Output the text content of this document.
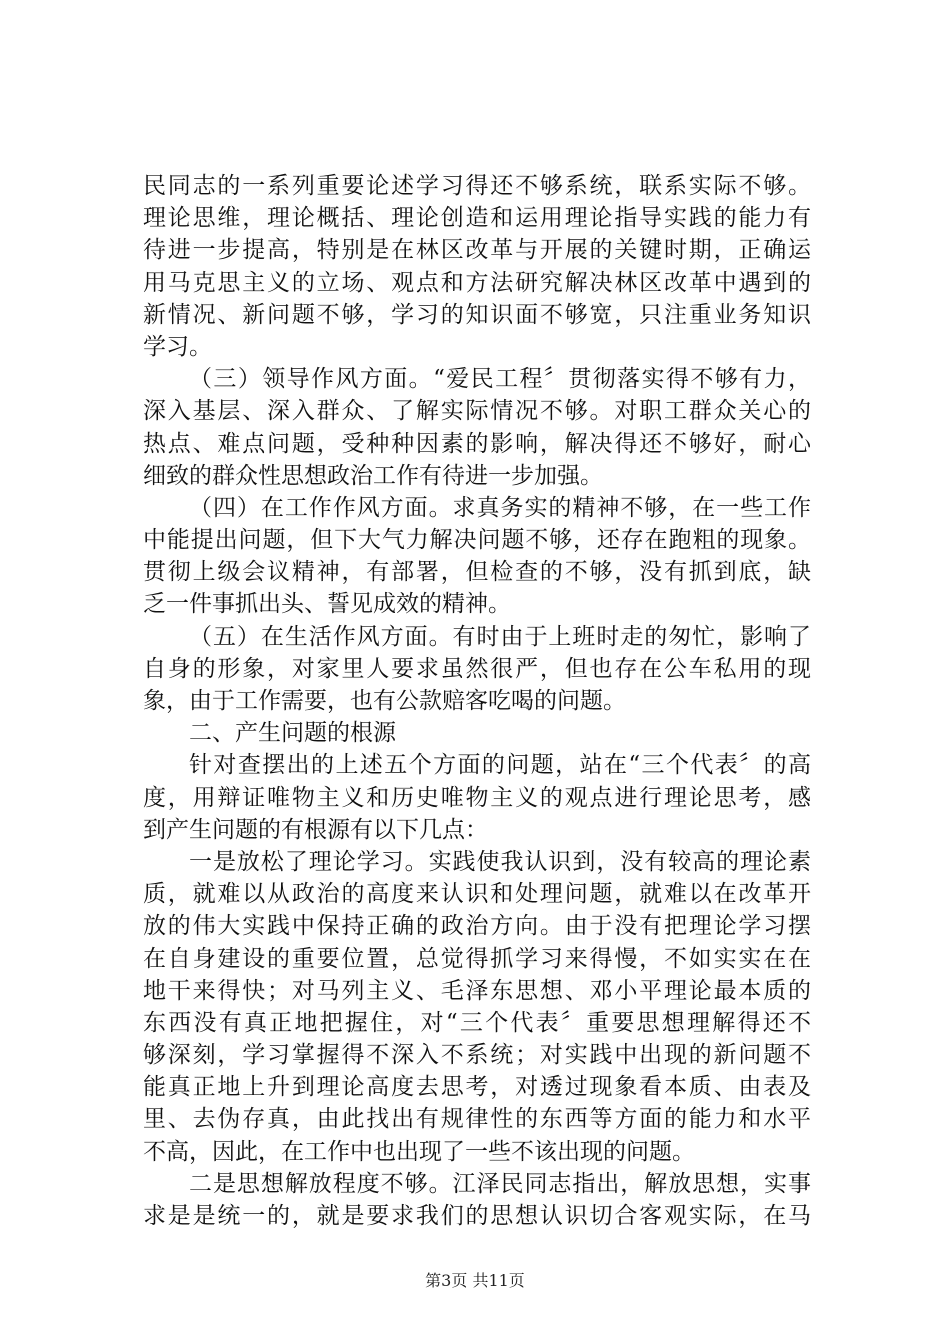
民同志的一系列重要论述学习得还不够系统，联系实际不够。
理论思维，理论概括、理论创造和运用理论指导实践的能力有
待进一步提高，特别是在林区改革与开展的关键时期，正确运
用马克思主义的立场、观点和方法研究解决林区改革中遇到的
新情况、新问题不够，学习的知识面不够宽，只注重业务知识
学习。
（三）领导作风方面。“爱民工程〞贯彻落实得不够有力，
深入基层、深入群众、了解实际情况不够。对职工群众关心的
热点、难点问题，受种种因素的影响，解决得还不够好，耐心
细致的群众性思想政治工作有待进一步加强。
（四）在工作作风方面。求真务实的精神不够，在一些工作
中能提出问题，但下大气力解决问题不够，还存在跑粗的现象。
贯彻上级会议精神，有部署，但检查的不够，没有抓到底，缺
乏一件事抓出头、誓见成效的精神。
（五）在生活作风方面。有时由于上班时走的匆忙，影响了
自身的形象，对家里人要求虽然很严，但也存在公车私用的现
象，由于工作需要，也有公款赔客吃喝的问题。
二、产生问题的根源
针对查摆出的上述五个方面的问题，站在“三个代表〞的高
度，用辩证唯物主义和历史唯物主义的观点进行理论思考，感
到产生问题的有根源有以下几点：
一是放松了理论学习。实践使我认识到，没有较高的理论素
质，就难以从政治的高度来认识和处理问题，就难以在改革开
放的伟大实践中保持正确的政治方向。由于没有把理论学习摆
在自身建设的重要位置，总觉得抓学习来得慢，不如实实在在
地干来得快；对马列主义、毛泽东思想、邓小平理论最本质的
东西没有真正地把握住，对“三个代表〞重要思想理解得还不
够深刻，学习掌握得不深入不系统；对实践中出现的新问题不
能真正地上升到理论高度去思考，对透过现象看本质、由表及
里、去伪存真，由此找出有规律性的东西等方面的能力和水平
不高，因此，在工作中也出现了一些不该出现的问题。
二是思想解放程度不够。江泽民同志指出，解放思想，实事
求是是统一的，就是要求我们的思想认识切合客观实际，在马
第3页 共11页
